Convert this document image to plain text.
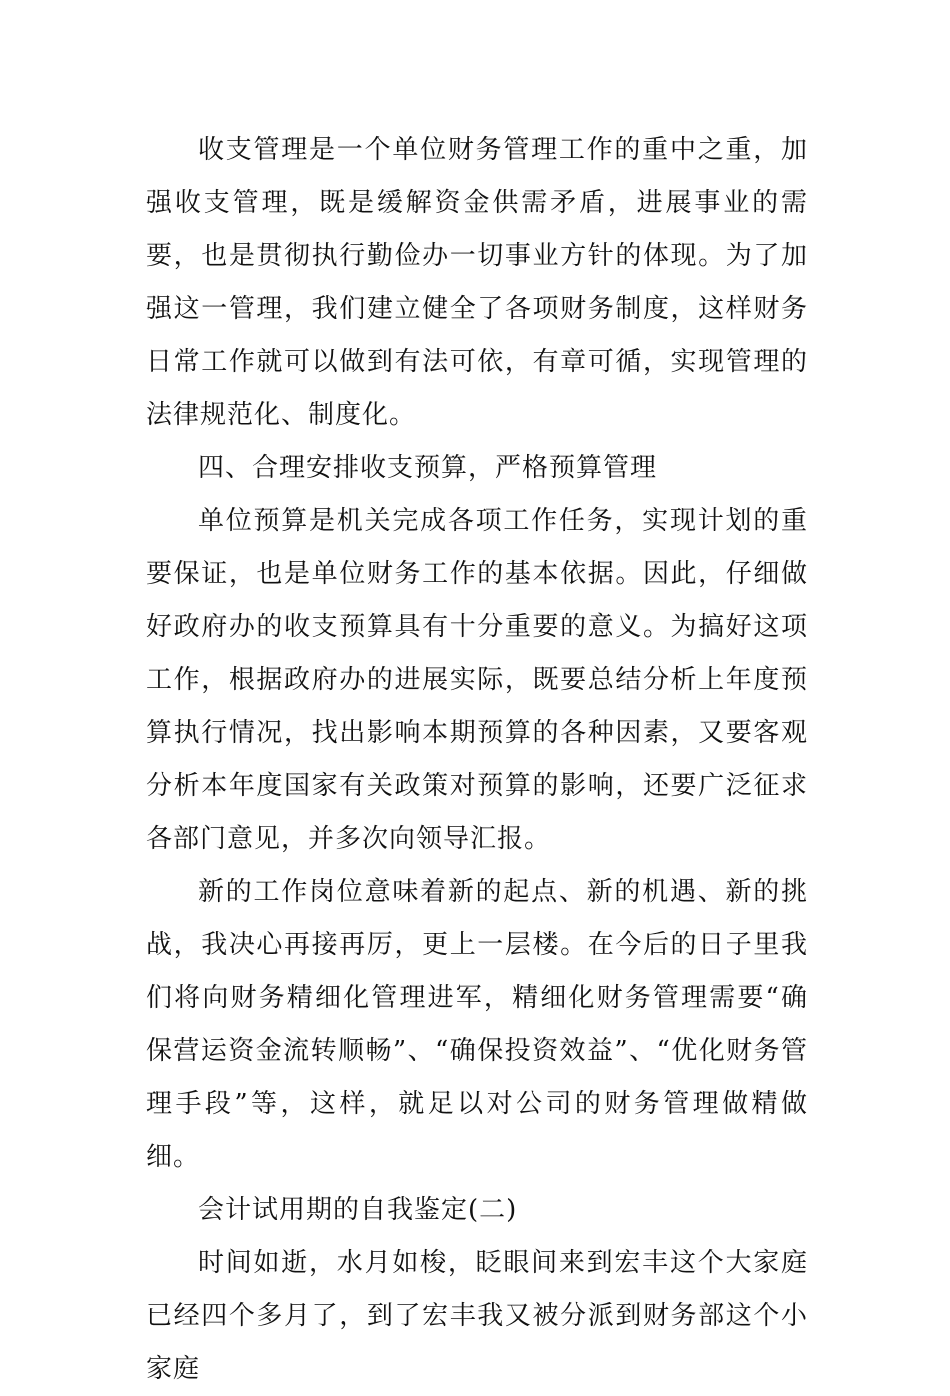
收支管理是一个单位财务管理工作的重中之重，加强收支管理，既是缓解资金供需矛盾，进展事业的需要，也是贯彻执行勤俭办一切事业方针的体现。为了加强这一管理，我们建立健全了各项财务制度，这样财务日常工作就可以做到有法可依，有章可循，实现管理的法律规范化、制度化。

四、合理安排收支预算，严格预算管理

单位预算是机关完成各项工作任务，实现计划的重要保证，也是单位财务工作的基本依据。因此，仔细做好政府办的收支预算具有十分重要的意义。为搞好这项工作，根据政府办的进展实际，既要总结分析上年度预算执行情况，找出影响本期预算的各种因素，又要客观分析本年度国家有关政策对预算的影响，还要广泛征求各部门意见，并多次向领导汇报。

新的工作岗位意味着新的起点、新的机遇、新的挑战，我决心再接再厉，更上一层楼。在今后的日子里我们将向财务精细化管理进军，精细化财务管理需要“确保营运资金流转顺畅”、“确保投资效益”、“优化财务管理手段”等，这样，就足以对公司的财务管理做精做细。

会计试用期的自我鉴定(二)

时间如逝，水月如梭，眨眼间来到宏丰这个大家庭已经四个多月了，到了宏丰我又被分派到财务部这个小家庭
